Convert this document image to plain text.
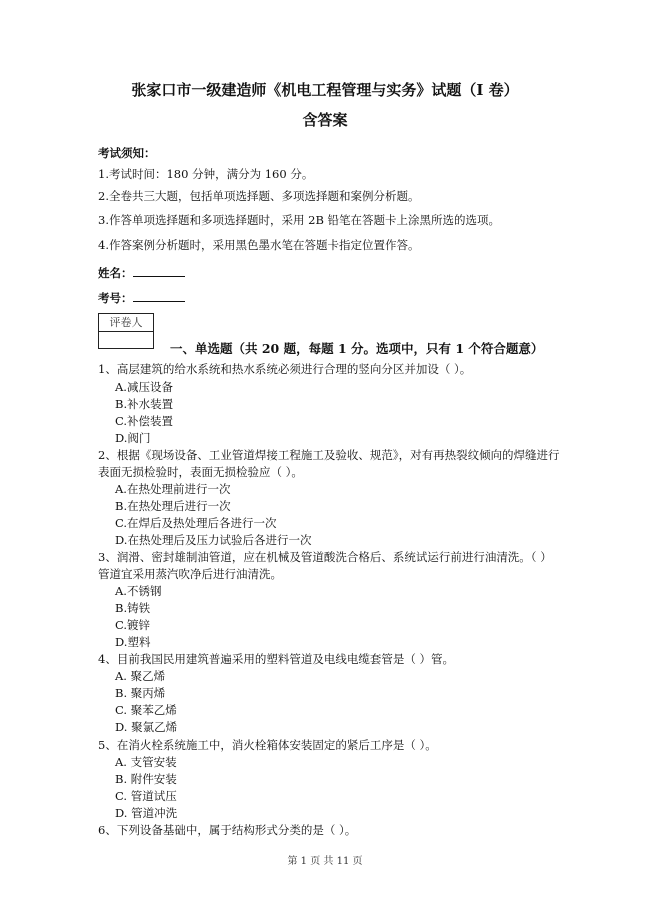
张家口市一级建造师《机电工程管理与实务》试题（I 卷）
含答案
考试须知：
1.考试时间：180 分钟，满分为 160 分。
2.全卷共三大题，包括单项选择题、多项选择题和案例分析题。
3.作答单项选择题和多项选择题时，采用 2B 铅笔在答题卡上涂黑所选的选项。
4.作答案例分析题时，采用黑色墨水笔在答题卡指定位置作答。
姓名：
考号：
评卷人
一、单选题（共 20 题，每题 1 分。选项中，只有 1 个符合题意）
1、高层建筑的给水系统和热水系统必须进行合理的竖向分区并加设（ ）。
A.减压设备
B.补水装置
C.补偿装置
D.阀门
2、根据《现场设备、工业管道焊接工程施工及验收、规范》，对有再热裂纹倾向的焊缝进行
表面无损检验时，表面无损检验应（ ）。
A.在热处理前进行一次
B.在热处理后进行一次
C.在焊后及热处理后各进行一次
D.在热处理后及压力试验后各进行一次
3、润滑、密封雄制油管道，应在机械及管道酸洗合格后、系统试运行前进行油清洗。（ ）
管道宜采用蒸汽吹净后进行油清洗。
A.不锈钢
B.铸铁
C.镀锌
D.塑料
4、目前我国民用建筑普遍采用的塑料管道及电线电缆套管是（ ）管。
A. 聚乙烯
B. 聚丙烯
C. 聚苯乙烯
D. 聚氯乙烯
5、在消火栓系统施工中，消火栓箱体安装固定的紧后工序是（ ）。
A. 支管安装
B. 附件安装
C. 管道试压
D. 管道冲洗
6、下列设备基础中，属于结构形式分类的是（ ）。
第 1 页 共 11 页
